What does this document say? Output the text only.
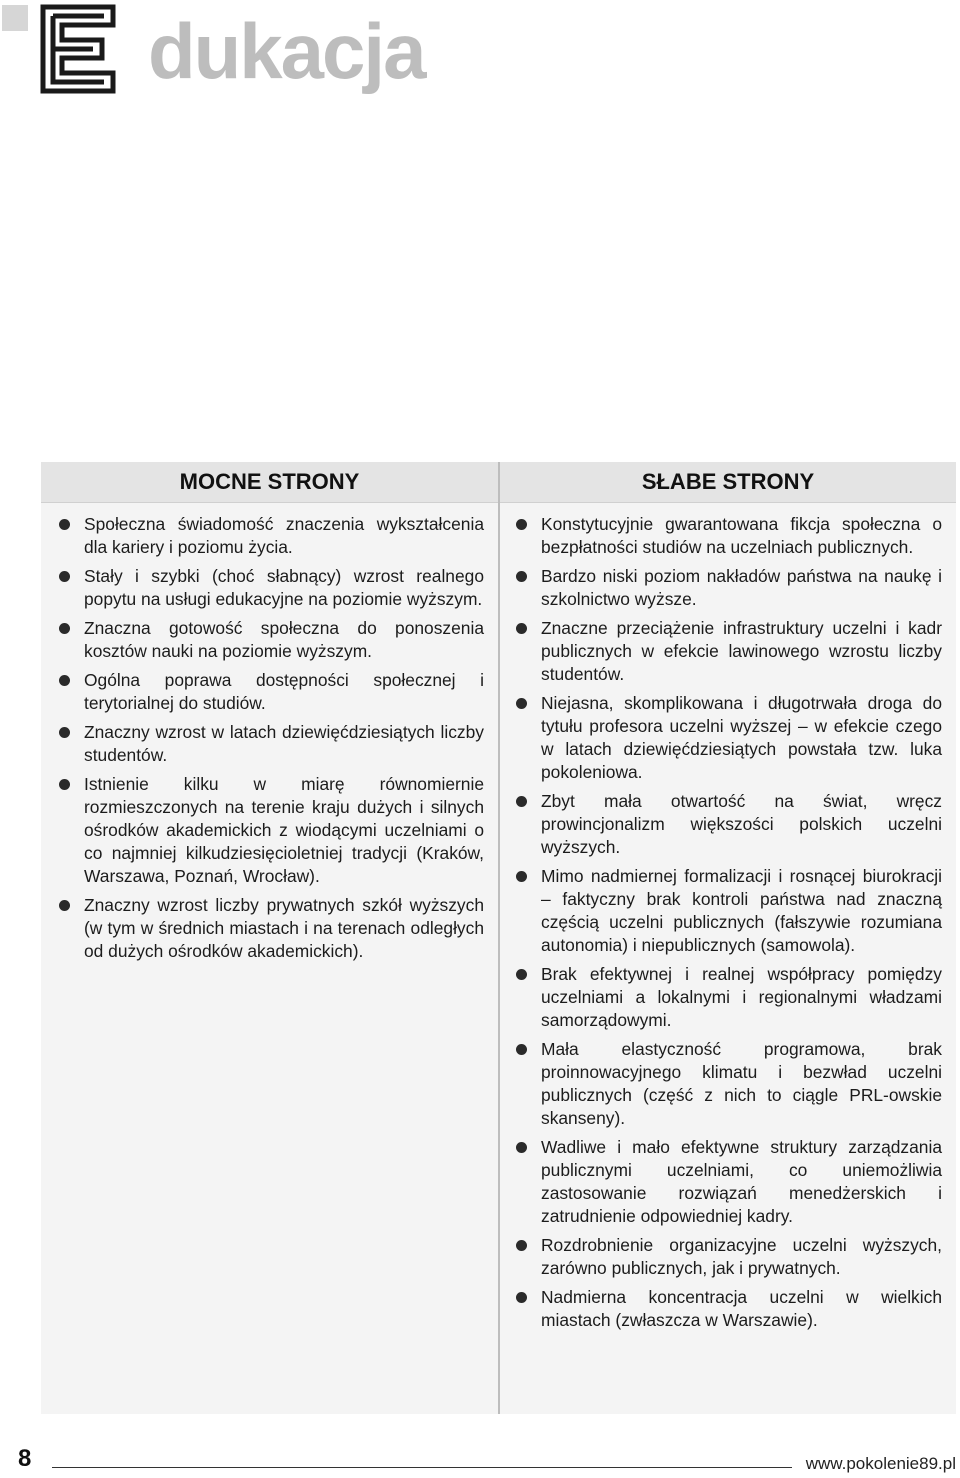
dukacja
MOCNE STRONY
Społeczna świadomość znaczenia wykształcenia dla kariery i poziomu życia.
Stały i szybki (choć słabnący) wzrost realnego popytu na usługi edukacyjne na poziomie wyższym.
Znaczna gotowość społeczna do ponoszenia kosztów nauki na poziomie wyższym.
Ogólna poprawa dostępności społecznej i terytorialnej do studiów.
Znaczny wzrost w latach dziewięćdziesiątych liczby studentów.
Istnienie kilku w miarę równomiernie rozmieszczonych na terenie kraju dużych i silnych ośrodków akademickich z wiodącymi uczelniami o co najmniej kilkudziesięcioletniej tradycji (Kraków, Warszawa, Poznań, Wrocław).
Znaczny wzrost liczby prywatnych szkół wyższych (w tym w średnich miastach i na terenach odległych od dużych ośrodków akademickich).
SŁABE STRONY
Konstytucyjnie gwarantowana fikcja społeczna o bezpłatności studiów na uczelniach publicznych.
Bardzo niski poziom nakładów państwa na naukę i szkolnictwo wyższe.
Znaczne przeciążenie infrastruktury uczelni i kadr publicznych w efekcie lawinowego wzrostu liczby studentów.
Niejasna, skomplikowana i długotrwała droga do tytułu profesora uczelni wyższej – w efekcie czego w latach dziewięćdziesiątych powstała tzw. luka pokoleniowa.
Zbyt mała otwartość na świat, wręcz prowincjonalizm większości polskich uczelni wyższych.
Mimo nadmiernej formalizacji i rosnącej biurokracji – faktyczny brak kontroli państwa nad znaczną częścią uczelni publicznych (fałszywie rozumiana autonomia) i niepublicznych (samowola).
Brak efektywnej i realnej współpracy pomiędzy uczelniami a lokalnymi i regionalnymi władzami samorządowymi.
Mała elastyczność programowa, brak proinnowacyjnego klimatu i bezwład uczelni publicznych (część z nich to ciągle PRL-owskie skanseny).
Wadliwe i mało efektywne struktury zarządzania publicznymi uczelniami, co uniemożliwia zastosowanie rozwiązań menedżerskich i zatrudnienie odpowiedniej kadry.
Rozdrobnienie organizacyjne uczelni wyższych, zarówno publicznych, jak i prywatnych.
Nadmierna koncentracja uczelni w wielkich miastach (zwłaszcza w Warszawie).
8	www.pokolenie89.pl
